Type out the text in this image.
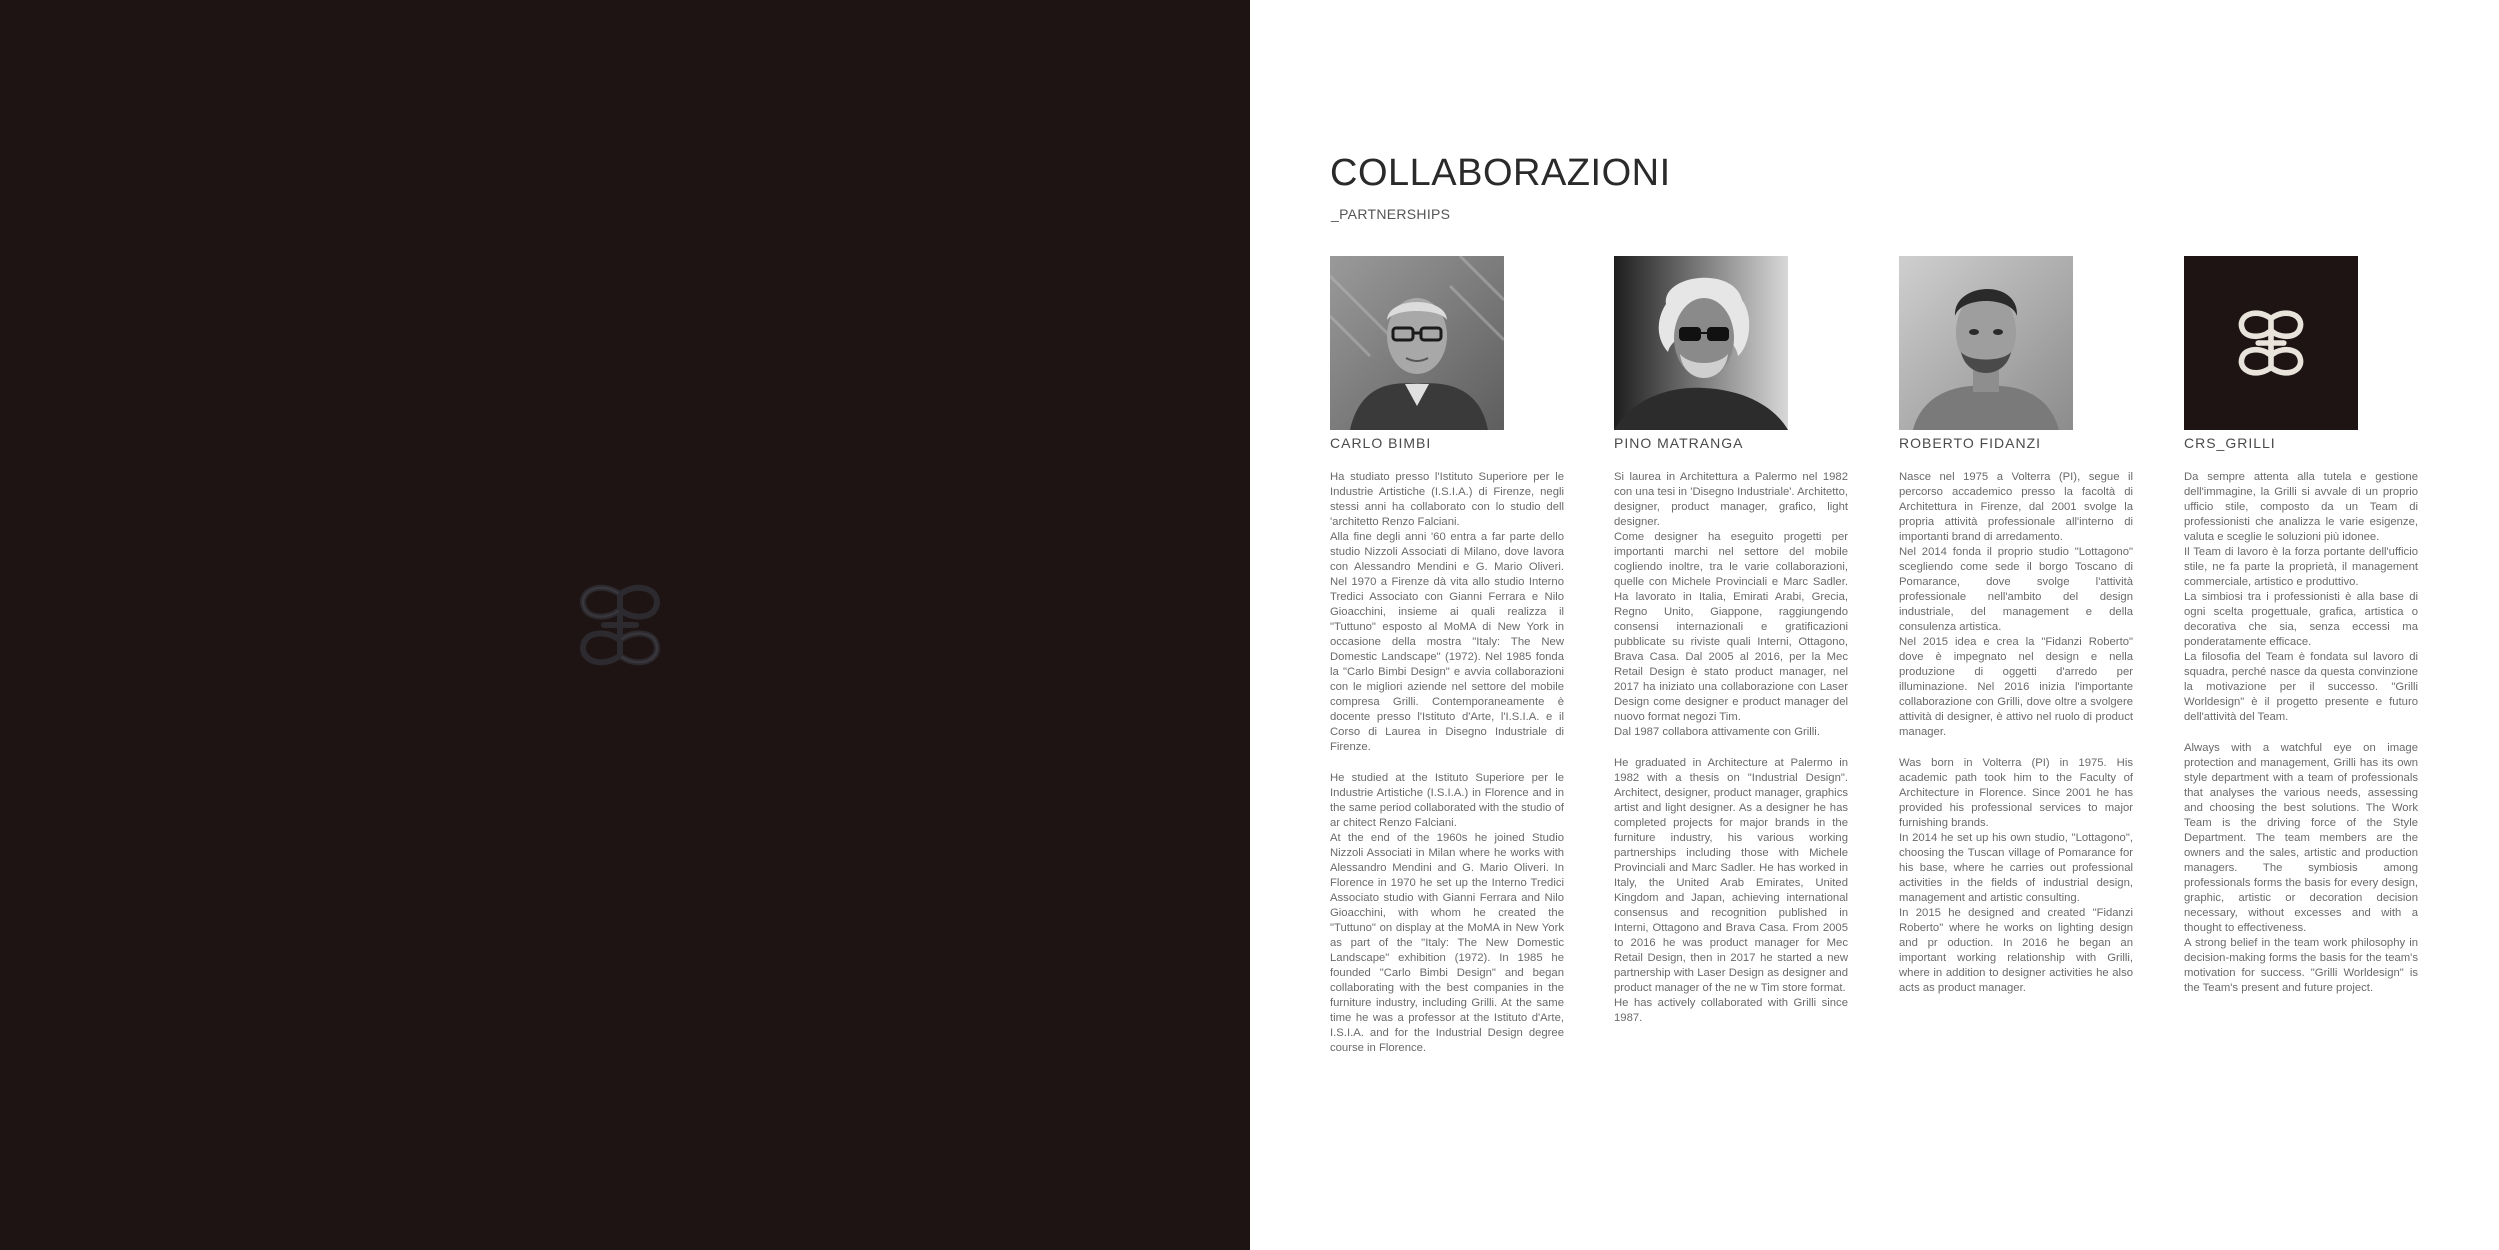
COLLABORAZIONI
_PARTNERSHIPS
CARLO BIMBI
Ha studiato presso l'Istituto Superiore per le Industrie Artistiche (I.S.I.A.) di Firenze, negli stessi anni ha collaborato con lo studio dell 'architetto Renzo Falciani.
Alla fine degli anni '60 entra a far parte dello studio Nizzoli Associati di Milano, dove lavora con Alessandro Mendini e G. Mario Oliveri. Nel 1970 a Firenze dà vita allo studio Interno Tredici Associato con Gianni Ferrara e Nilo Gioacchini, insieme ai quali realizza il "Tuttuno" esposto al MoMA di New York in occasione della mostra "Italy: The New Domestic Landscape" (1972). Nel 1985 fonda la "Carlo Bimbi Design" e avvia collaborazioni con le migliori aziende nel settore del mobile compresa Grilli. Contemporaneamente è docente presso l'Istituto d'Arte, l'I.S.I.A. e il Corso di Laurea in Disegno Industriale di Firenze.
He studied at the Istituto Superiore per le Industrie Artistiche (I.S.I.A.) in Florence and in the same period collaborated with the studio of ar chitect Renzo Falciani.
At the end of the 1960s he joined Studio Nizzoli Associati in Milan where he works with Alessandro Mendini and G. Mario Oliveri. In Florence in 1970 he set up the Interno Tredici Associato studio with Gianni Ferrara and Nilo Gioacchini, with whom he created the "Tuttuno" on display at the MoMA in New York as part of the "Italy: The New Domestic Landscape" exhibition (1972). In 1985 he founded "Carlo Bimbi Design" and began collaborating with the best companies in the furniture industry, including Grilli. At the same time he was a professor at the Istituto d'Arte, I.S.I.A. and for the Industrial Design degree course in Florence.
PINO MATRANGA
Si laurea in Architettura a Palermo nel 1982 con una tesi in 'Disegno Industriale'. Architetto, designer, product manager, grafico, light designer.
Come designer ha eseguito progetti per importanti marchi nel settore del mobile cogliendo inoltre, tra le varie collaborazioni, quelle con Michele Provinciali e Marc Sadler. Ha lavorato in Italia, Emirati Arabi, Grecia, Regno Unito, Giappone, raggiungendo consensi internazionali e gratificazioni pubblicate su riviste quali Interni, Ottagono, Brava Casa. Dal 2005 al 2016, per la Mec Retail Design è stato product manager, nel 2017 ha iniziato una collaborazione con Laser Design come designer e product manager del nuovo format negozi Tim.
Dal 1987 collabora attivamente con Grilli.
He graduated in Architecture at Palermo in 1982 with a thesis on "Industrial Design". Architect, designer, product manager, graphics artist and light designer. As a designer he has completed projects for major brands in the furniture industry, his various working partnerships including those with Michele Provinciali and Marc Sadler. He has worked in Italy, the United Arab Emirates, United Kingdom and Japan, achieving international consensus and recognition published in Interni, Ottagono and Brava Casa. From 2005 to 2016 he was product manager for Mec Retail Design, then in 2017 he started a new partnership with Laser Design as designer and product manager of the ne w Tim store format.
He has actively collaborated with Grilli since 1987.
ROBERTO FIDANZI
Nasce nel 1975 a Volterra (PI), segue il percorso accademico presso la facoltà di Architettura in Firenze, dal 2001 svolge la propria attività professionale all'interno di importanti brand di arredamento.
Nel 2014 fonda il proprio studio "Lottagono" scegliendo come sede il borgo Toscano di Pomarance, dove svolge l'attività professionale nell'ambito del design industriale, del management e della consulenza artistica.
Nel 2015 idea e crea la "Fidanzi Roberto" dove è impegnato nel design e nella produzione di oggetti d'arredo per illuminazione. Nel 2016 inizia l'importante collaborazione con Grilli, dove oltre a svolgere attività di designer, è attivo nel ruolo di product manager.
Was born in Volterra (PI) in 1975. His academic path took him to the Faculty of Architecture in Florence. Since 2001 he has provided his professional services to major furnishing brands.
In 2014 he set up his own studio, "Lottagono", choosing the Tuscan village of Pomarance for his base, where he carries out professional activities in the fields of industrial design, management and artistic consulting.
In 2015 he designed and created "Fidanzi Roberto" where he works on lighting design and pr oduction. In 2016 he began an important working relationship with Grilli, where in addition to designer activities he also acts as product manager.
CRS_GRILLI
Da sempre attenta alla tutela e gestione dell'immagine, la Grilli si avvale di un proprio ufficio stile, composto da un Team di professionisti che analizza le varie esigenze, valuta e sceglie le soluzioni più idonee.
Il Team di lavoro è la forza portante dell'ufficio stile, ne fa parte la proprietà, il management commerciale, artistico e produttivo.
La simbiosi tra i professionisti è alla base di ogni scelta progettuale, grafica, artistica o decorativa che sia, senza eccessi ma ponderatamente efficace.
La filosofia del Team è fondata sul lavoro di squadra, perché nasce da questa convinzione la motivazione per il successo. "Grilli Worldesign" è il progetto presente e futuro dell'attività del Team.
Always with a watchful eye on image protection and management, Grilli has its own style department with a team of professionals that analyses the various needs, assessing and choosing the best solutions. The Work Team is the driving force of the Style Department. The team members are the owners and the sales, artistic and production managers. The symbiosis among professionals forms the basis for every design, graphic, artistic or decoration decision necessary, without excesses and with a thought to effectiveness.
A strong belief in the team work philosophy in decision-making forms the basis for the team's motivation for success. "Grilli Worldesign" is the Team's present and future project.
